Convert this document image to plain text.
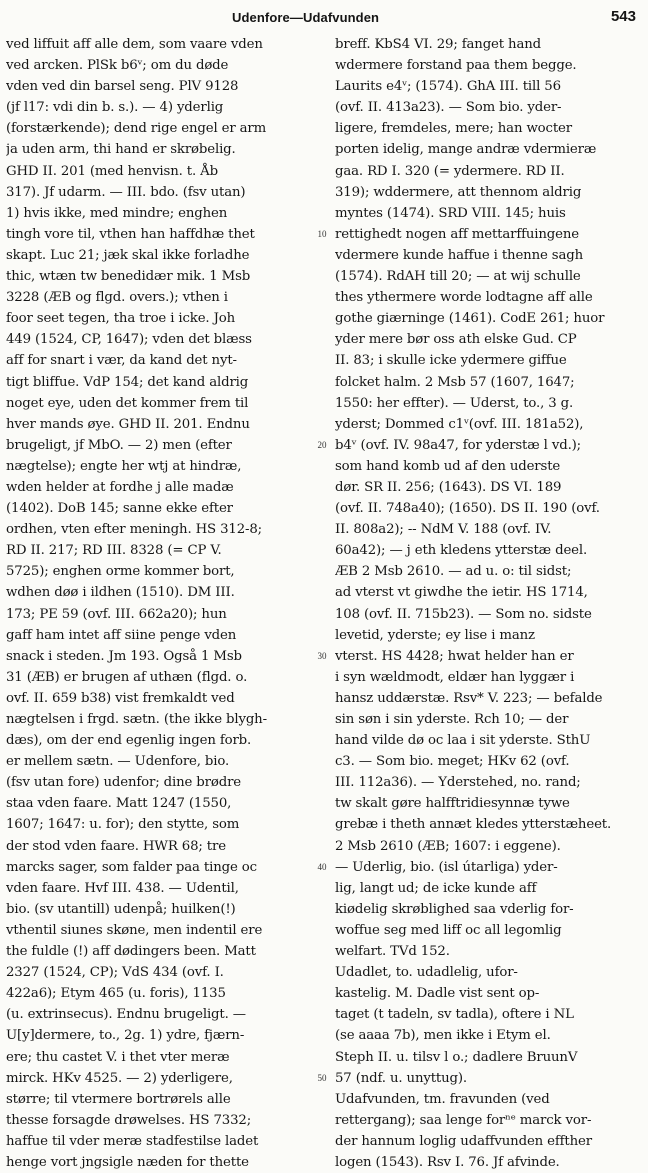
Udenfore—Udafvunden	543
ved liffuit aff alle dem, som vaare vden
ved arcken. PlSk b6ᵛ; om du døde
vden ved din barsel seng. PlV 9128
(jf l17: vdi din b. s.). — 4) yderlig
(forstærkende); dend rige engel er arm
ja uden arm, thi hand er skrøbelig.
GHD II. 201 (med henvisn. t. Åb
317). Jf udarm. — III. bdo. (fsv utan)
1) hvis ikke, med mindre; enghen
tingh vore til, vthen han haffdhæ thet
skapt. Luc 21; jæk skal ikke forladhe
thic, wtæn tw benedidær mik. 1 Msb
3228 (ÆB og flgd. overs.); vthen i
foor seet tegen, tha troe i icke. Joh
449 (1524, CP, 1647); vden det blæss
aff for snart i vær, da kand det nyt-
tigt bliffue. VdP 154; det kand aldrig
noget eye, uden det kommer frem til
hver mands øye. GHD II. 201. Endnu
brugeligt, jf MbO. — 2) men (efter
nægtelse); engte her wtj at hindræ,
wden helder at fordhe j alle madæ
(1402). DoB 145; sanne ekke efter
ordhen, vten efter meningh. HS 312-8;
RD II. 217; RD III. 8328 (= CP V.
5725); enghen orme kommer bort,
wdhen døø i ildhen (1510). DM III.
173; PE 59 (ovf. III. 662a20); hun
gaff ham intet aff siine penge vden
snack i steden. Jm 193. Også 1 Msb
31 (ÆB) er brugen af uthæn (flgd. o.
ovf. II. 659 b38) vist fremkaldt ved
nægtelsen i frgd. sætn. (the ikke blygh-
dæs), om der end egenlig ingen forb.
er mellem sætn. — Udenfore, bio.
(fsv utan fore) udenfor; dine brødre
staa vden faare. Matt 1247 (1550,
1607; 1647: u. for); den stytte, som
der stod vden faare. HWR 68; tre
marcks sager, som falder paa tinge oc
vden faare. Hvf III. 438. — Udentil,
bio. (sv utantill) udenpå; huilken(!)
vthentil siunes skøne, men indentil ere
the fuldle (!) aff dødingers been. Matt
2327 (1524, CP); VdS 434 (ovf. I.
422a6); Etym 465 (u. foris), 1135
(u. extrinsecus). Endnu brugeligt. —
U[y]dermere, to., 2g. 1) ydre, fjærn-
ere; thu castet V. i thet vter meræ
mirck. HKv 4525. — 2) yderligere,
større; til vtermere bortrørels alle
thesse forsagde drøwelses. HS 7332;
haffue til vder meræ stadfestilse ladet
henge vort jngsigle næden for thette
breff. KbS4 VI. 29; fanget hand
wdermere forstand paa them begge.
Laurits e4ᵛ; (1574). GhA III. till 56
(ovf. II. 413a23). — Som bio. yder-
ligere, fremdeles, mere; han wocter
porten idelig, mange andræ vdermieræ
gaa. RD I. 320 (= ydermere. RD II.
319); wddermere, att thennom aldrig
myntes (1474). SRD VIII. 145; huis
rettighedt nogen aff mettarffuingene
vdermere kunde haffue i thenne sagh
(1574). RdAH till 20; — at wij schulle
thes ythermere worde lodtagne aff alle
gothe giærninge (1461). CodE 261; huor
yder mere bør oss ath elske Gud. CP
II. 83; i skulle icke ydermere giffue
folcket halm. 2 Msb 57 (1607, 1647;
1550: her effter). — Uderst, to., 3 g.
yderst; Dommed c1ᵛ(ovf. III. 181a52),
b4ᵛ (ovf. IV. 98a47, for yderstæ l vd.);
som hand komb ud af den uderste
dør. SR II. 256; (1643). DS VI. 189
(ovf. II. 748a40); (1650). DS II. 190 (ovf.
II. 808a2); -- NdM V. 188 (ovf. IV.
60a42); — j eth kledens ytterstæ deel.
ÆB 2 Msb 2610. — ad u. o: til sidst;
ad vterst vt giwdhe the ietir. HS 1714,
108 (ovf. II. 715b23). — Som no. sidste
levetid, yderste; ey lise i manz
vterst. HS 4428; hwat helder han er
i syn wældmodt, eldær han lyggær i
hansz uddærstæ. Rsv* V. 223; — befalde
sin søn i sin yderste. Rch 10; — der
hand vilde dø oc laa i sit yderste. SthU
c3. — Som bio. meget; HKv 62 (ovf.
III. 112a36). — Yderstehed, no. rand;
tw skalt gøre halfftridiesynnæ tywe
grebæ i theth annæt kledes ytterstæheet.
2 Msb 2610 (ÆB; 1607: i eggene).
— Uderlig, bio. (isl útarliga) yder-
lig, langt ud; de icke kunde aff
kiødelig skrøblighed saa vderlig for-
woffue seg med liff oc all legomlig
welfart. TVd 152.
Udadlet, to. udadlelig, ufor-
kastelig. M. Dadle vist sent op-
taget (t tadeln, sv tadla), oftere i NL
(se aaaa 7b), men ikke i Etym el.
Steph II. u. tilsv l o.; dadlere BruunV
57 (ndf. u. unyttug).
Udafvunden, tm. fravunden (ved
rettergang); saa lenge forⁿᵉ marck vor-
der hannum loglig udaffvunden effther
logen (1543). Rsv I. 76. Jf afvinde.
10
20
30
40
50
